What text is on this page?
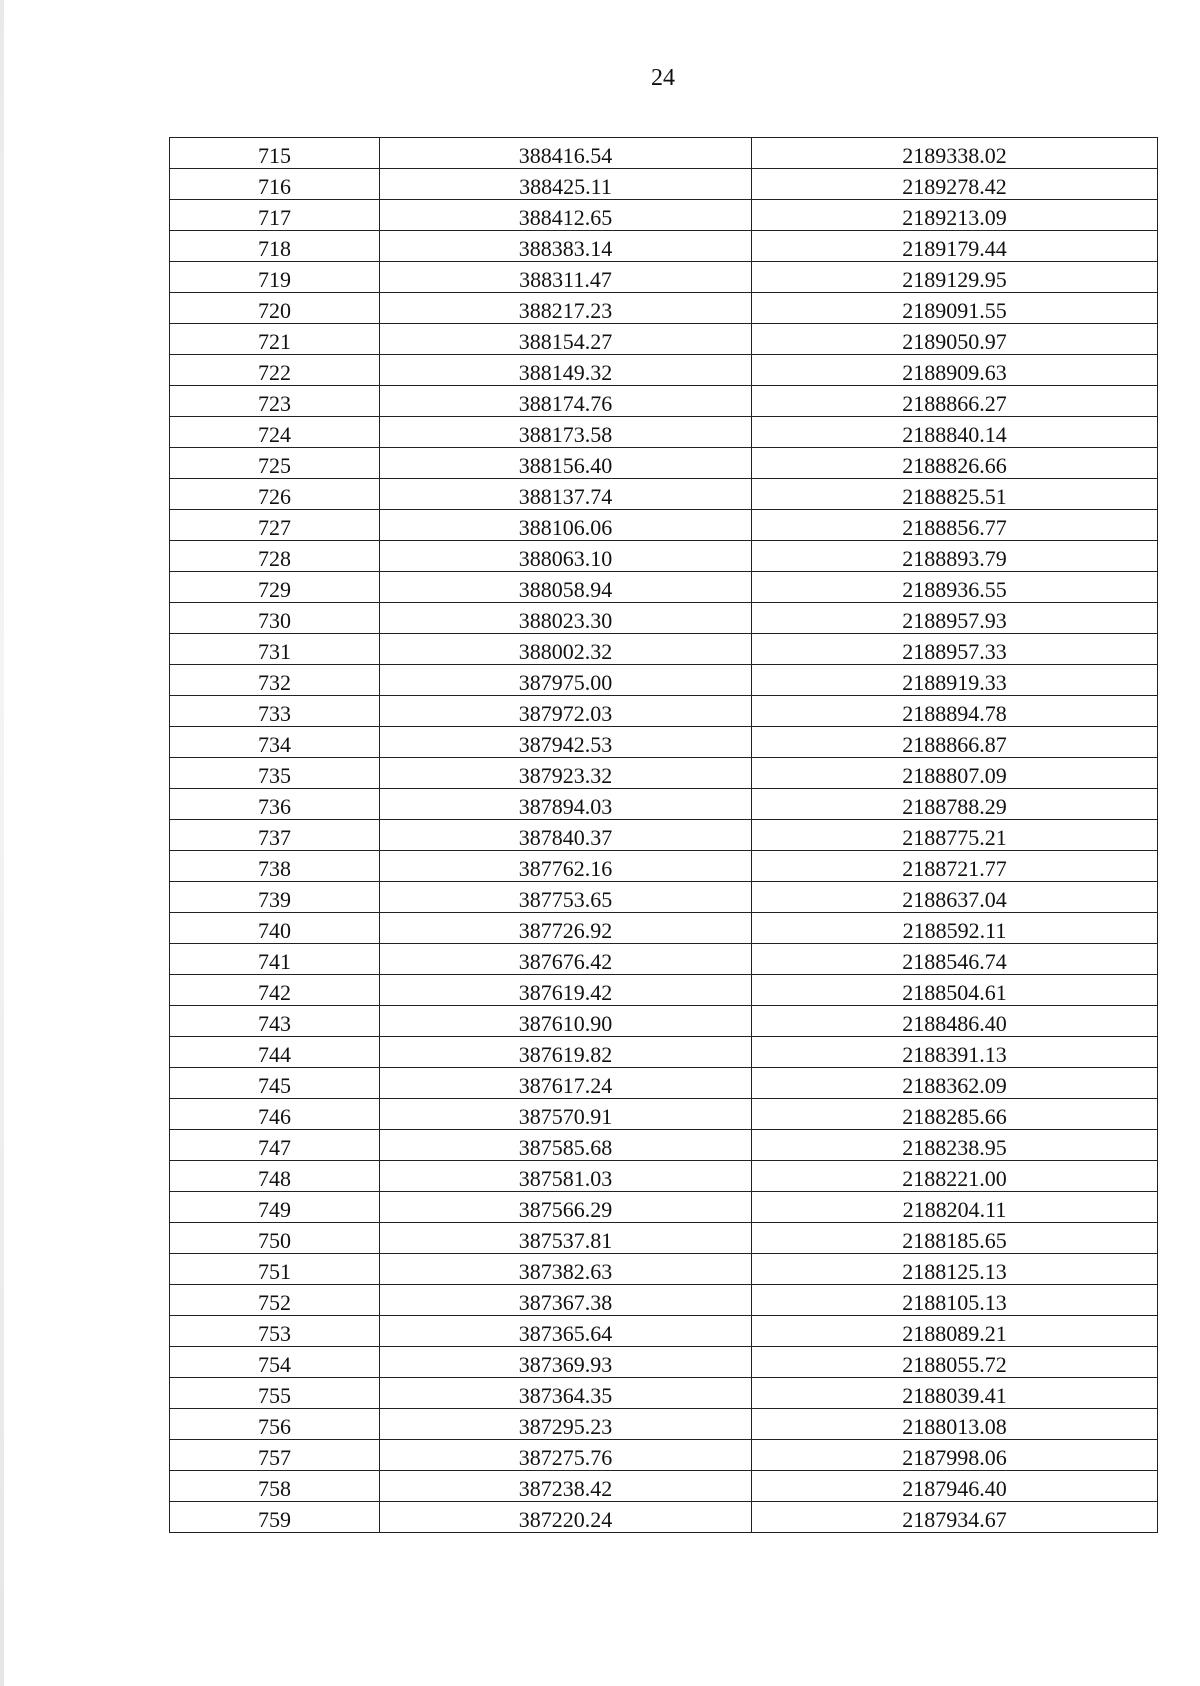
24
715	388416.54	2189338.02
716	388425.11	2189278.42
717	388412.65	2189213.09
718	388383.14	2189179.44
719	388311.47	2189129.95
720	388217.23	2189091.55
721	388154.27	2189050.97
722	388149.32	2188909.63
723	388174.76	2188866.27
724	388173.58	2188840.14
725	388156.40	2188826.66
726	388137.74	2188825.51
727	388106.06	2188856.77
728	388063.10	2188893.79
729	388058.94	2188936.55
730	388023.30	2188957.93
731	388002.32	2188957.33
732	387975.00	2188919.33
733	387972.03	2188894.78
734	387942.53	2188866.87
735	387923.32	2188807.09
736	387894.03	2188788.29
737	387840.37	2188775.21
738	387762.16	2188721.77
739	387753.65	2188637.04
740	387726.92	2188592.11
741	387676.42	2188546.74
742	387619.42	2188504.61
743	387610.90	2188486.40
744	387619.82	2188391.13
745	387617.24	2188362.09
746	387570.91	2188285.66
747	387585.68	2188238.95
748	387581.03	2188221.00
749	387566.29	2188204.11
750	387537.81	2188185.65
751	387382.63	2188125.13
752	387367.38	2188105.13
753	387365.64	2188089.21
754	387369.93	2188055.72
755	387364.35	2188039.41
756	387295.23	2188013.08
757	387275.76	2187998.06
758	387238.42	2187946.40
759	387220.24	2187934.67
